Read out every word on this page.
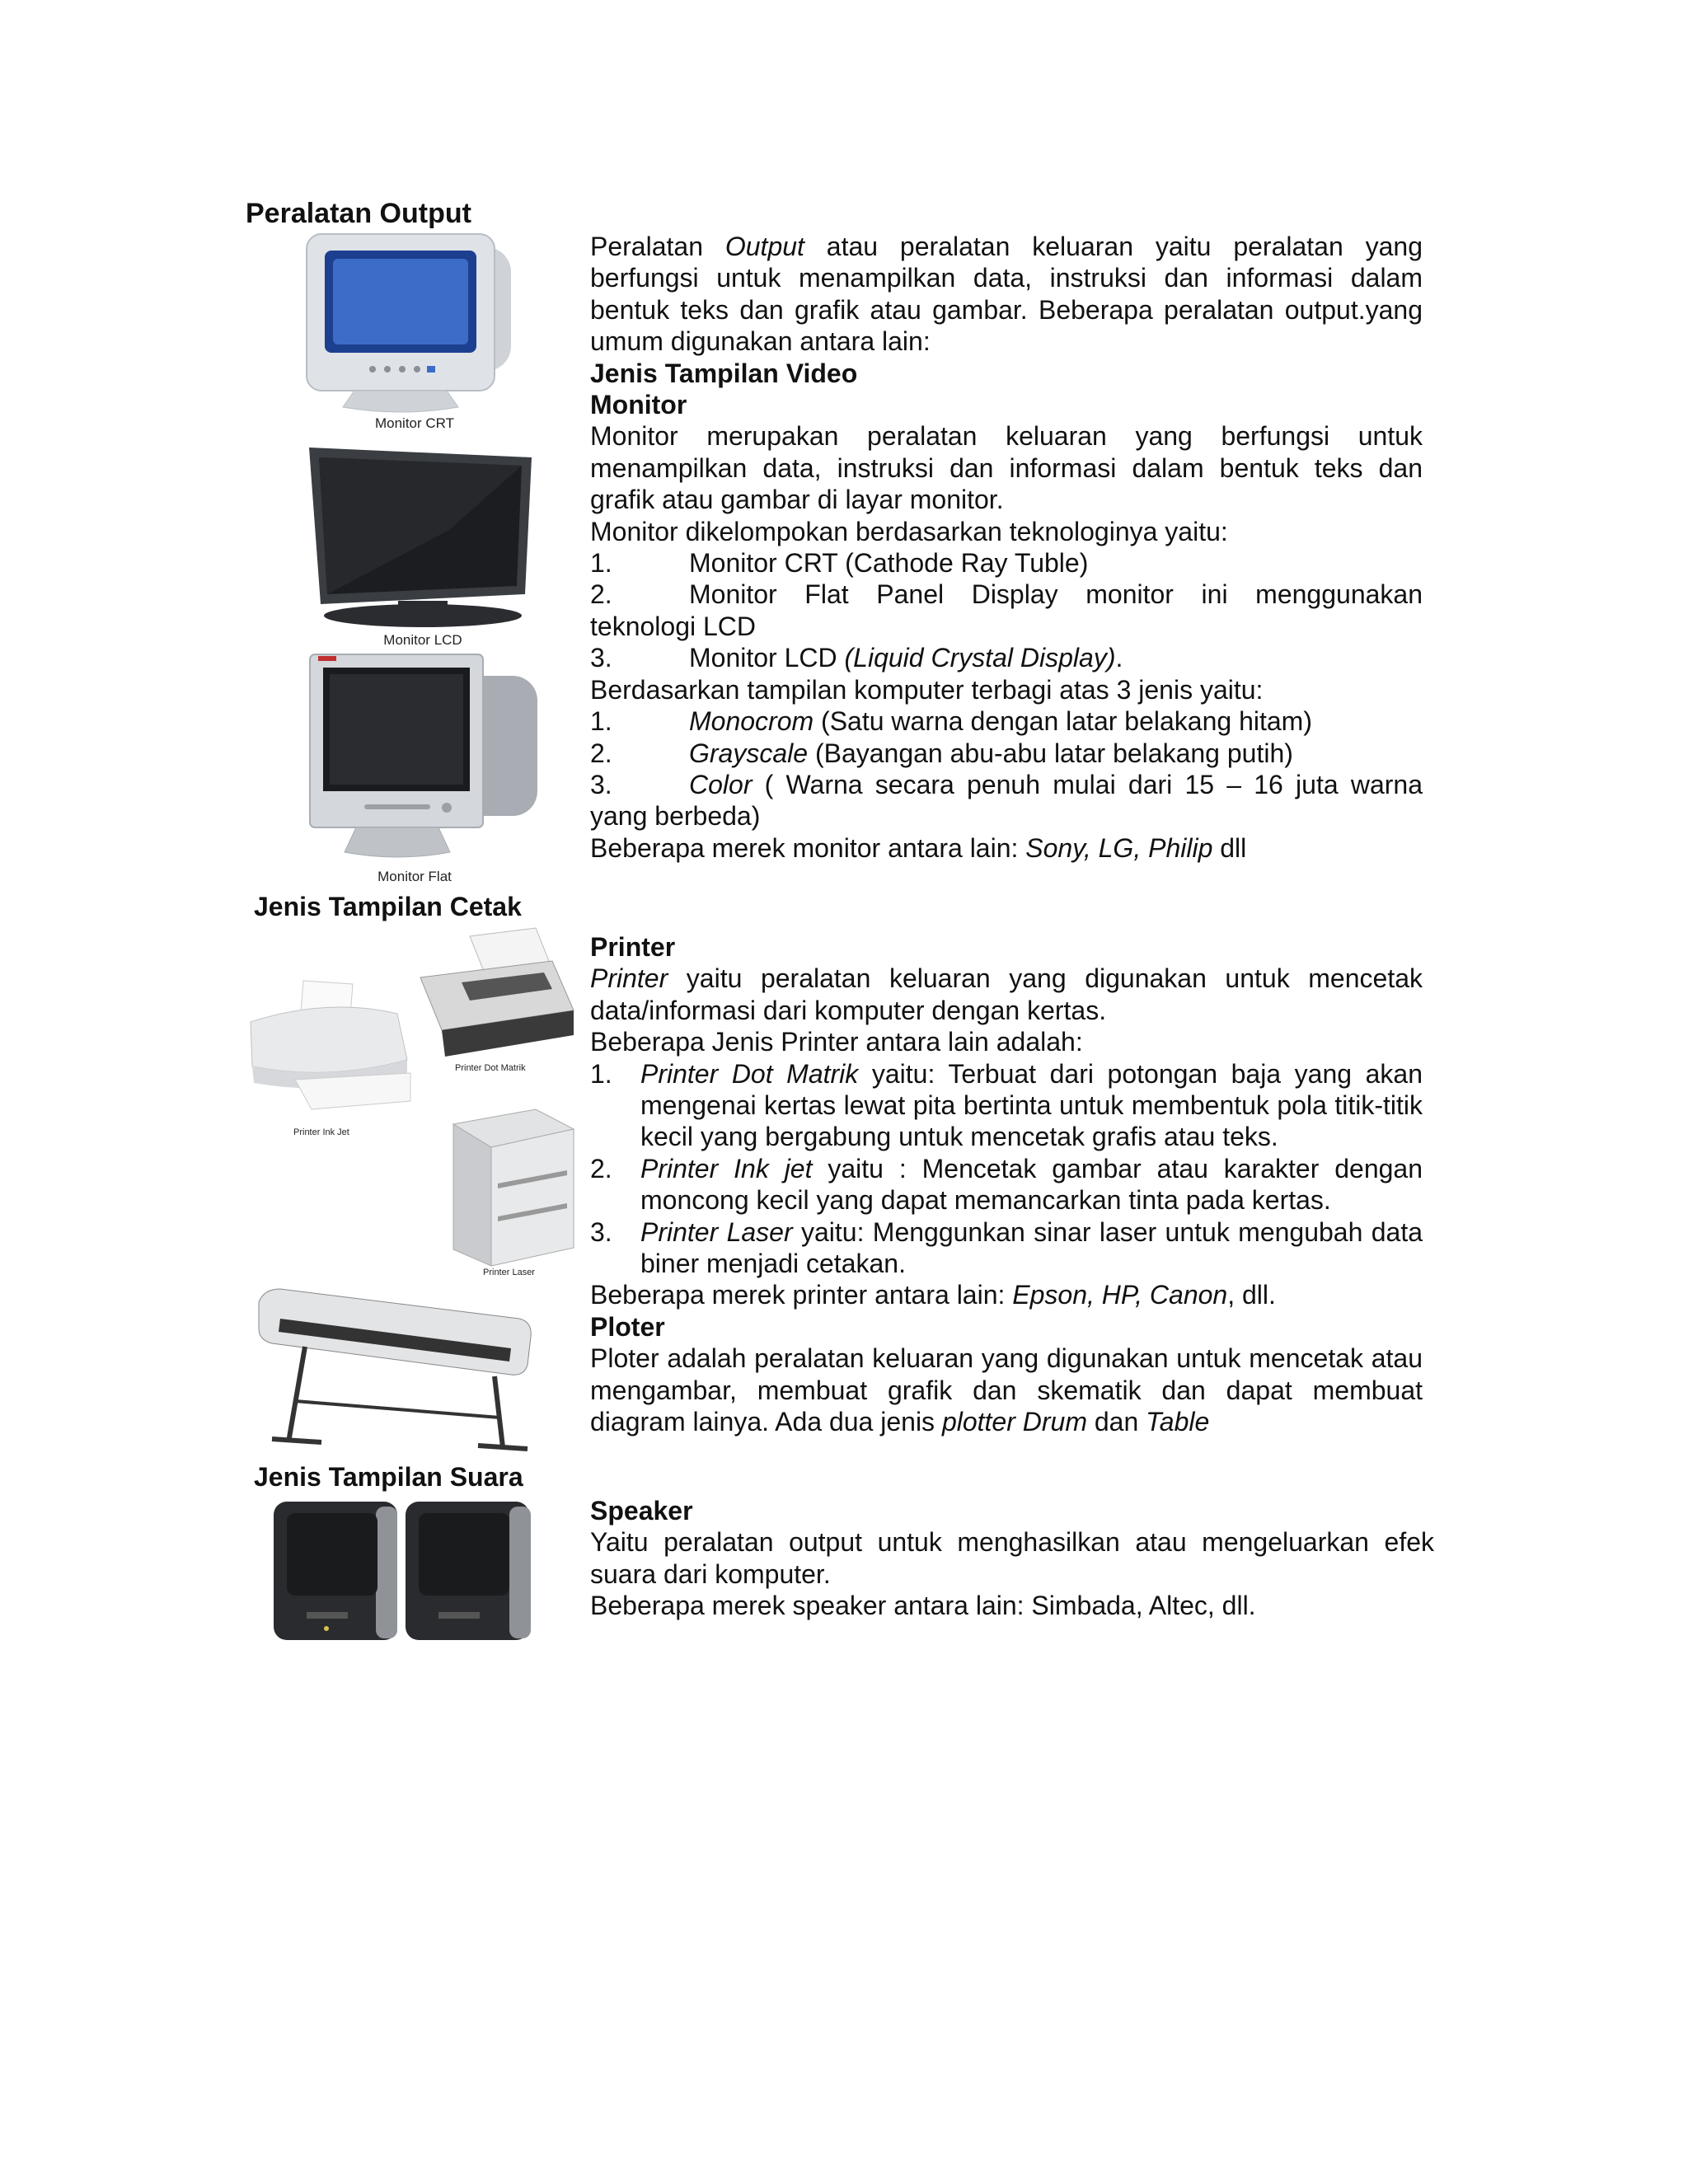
Peralatan Output
Monitor CRT
Monitor LCD
Monitor Flat
Jenis Tampilan Cetak
Printer Dot Matrik
Printer Ink Jet
Printer Laser
Jenis Tampilan Suara

Peralatan Output atau peralatan keluaran yaitu peralatan yang berfungsi untuk menampilkan data, instruksi dan informasi dalam bentuk teks dan grafik atau gambar. Beberapa peralatan output.yang umum digunakan antara lain:

Jenis Tampilan Video

Monitor

Monitor merupakan peralatan keluaran yang berfungsi untuk menampilkan data, instruksi dan informasi dalam bentuk teks dan grafik atau gambar di layar monitor.

Monitor dikelompokan berdasarkan teknologinya yaitu:

1.	Monitor CRT (Cathode Ray Tuble)
2.	Monitor Flat Panel Display monitor ini menggunakan

teknologi LCD

3.	Monitor LCD (Liquid Crystal Display).

Berdasarkan tampilan komputer terbagi atas 3 jenis yaitu:

1.	Monocrom (Satu warna dengan latar belakang hitam)
2.	Grayscale (Bayangan abu-abu latar belakang putih)
3.	Color ( Warna secara penuh mulai dari 15 – 16 juta warna

yang berbeda)

Beberapa merek monitor antara lain: Sony, LG, Philip dll

Printer

Printer yaitu peralatan keluaran yang digunakan untuk mencetak data/informasi dari komputer dengan kertas.

Beberapa Jenis Printer antara lain adalah:

1. Printer Dot Matrik yaitu: Terbuat dari potongan baja yang akan mengenai kertas lewat pita bertinta untuk membentuk pola titik-titik kecil yang bergabung untuk mencetak grafis atau teks.
2. Printer Ink jet yaitu : Mencetak gambar atau karakter dengan moncong kecil yang dapat memancarkan tinta pada kertas.
3. Printer Laser yaitu: Menggunkan sinar laser untuk mengubah data biner menjadi cetakan.

Beberapa merek printer antara lain: Epson, HP, Canon, dll.

Ploter

Ploter adalah peralatan keluaran yang digunakan untuk mencetak atau mengambar, membuat grafik dan skematik dan dapat membuat diagram lainya. Ada dua jenis plotter Drum dan Table

Speaker

Yaitu peralatan output untuk menghasilkan atau mengeluarkan efek suara dari komputer.

Beberapa merek speaker antara lain: Simbada, Altec, dll.
